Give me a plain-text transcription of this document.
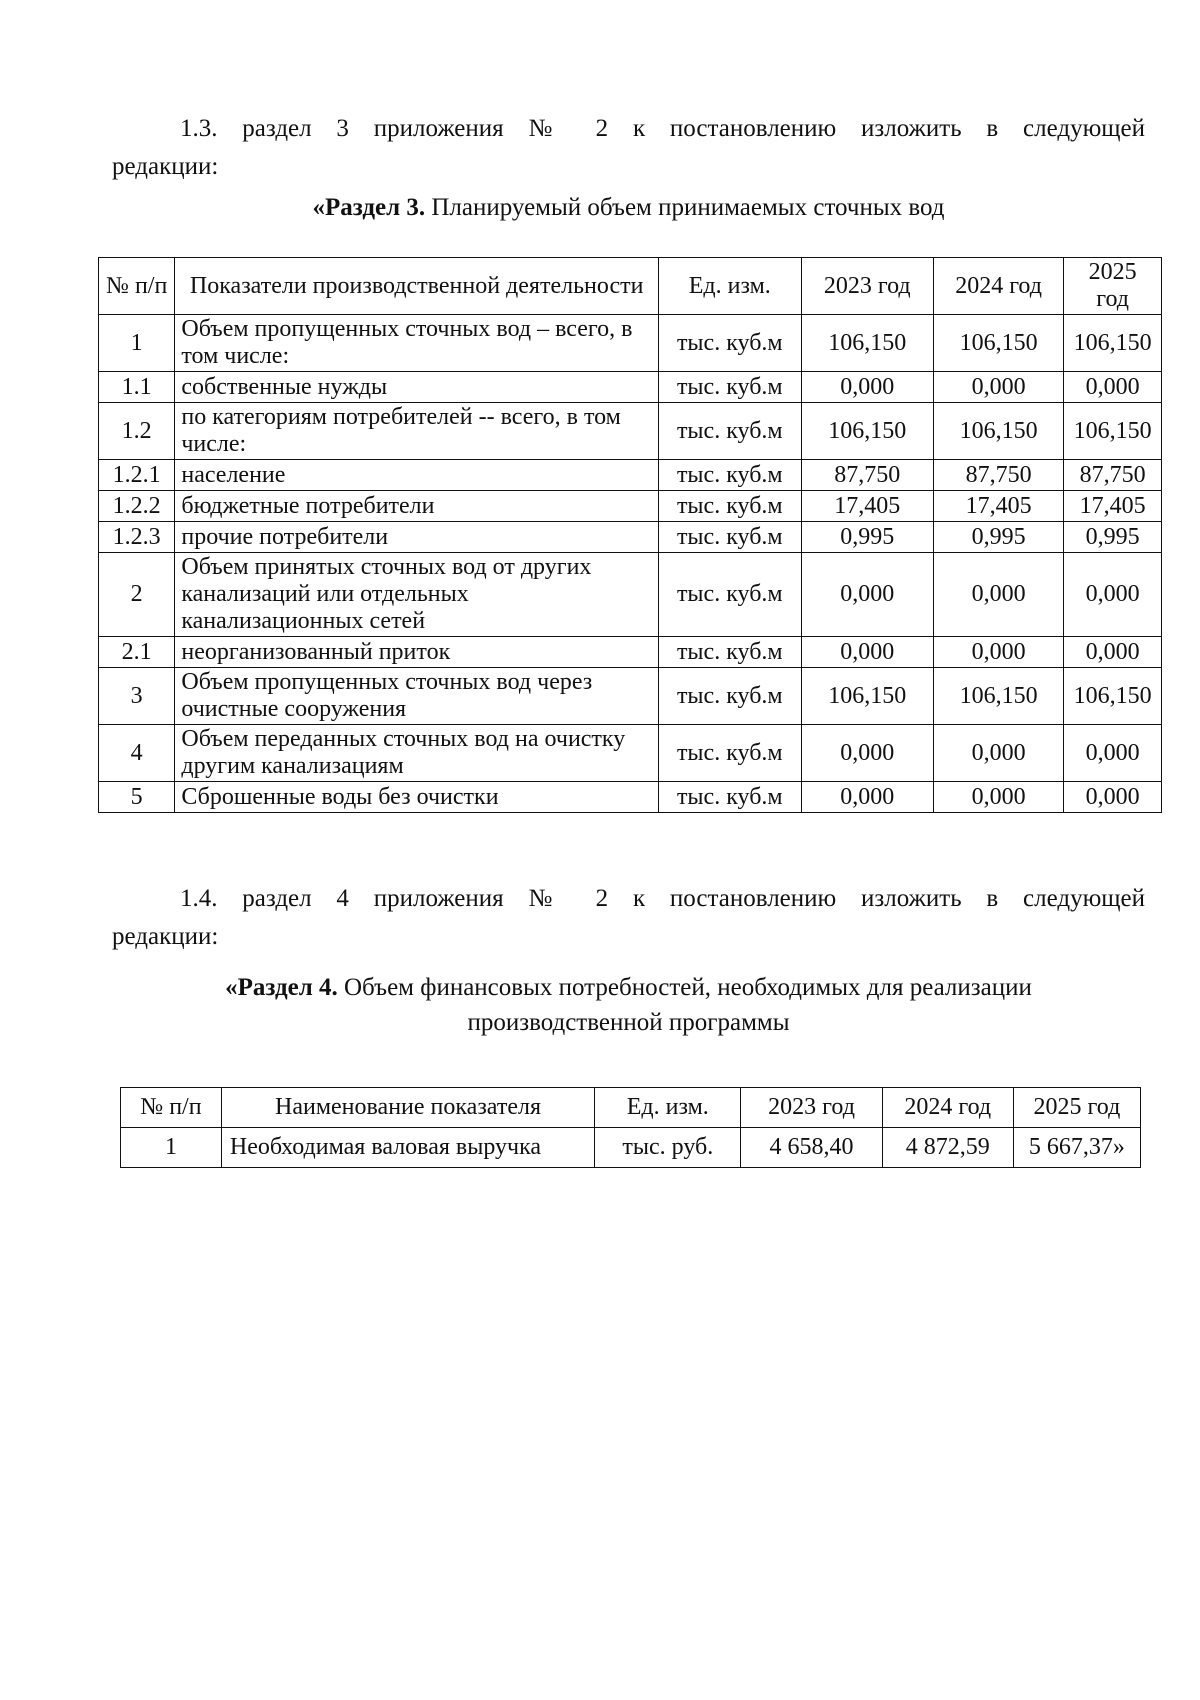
1.3. раздел 3 приложения № 2 к постановлению изложить в следующей
редакции:
«Раздел 3. Планируемый объем принимаемых сточных вод
№ п/п	Показатели производственной деятельности	Ед. изм.	2023 год	2024 год	2025 год
1	Объем пропущенных сточных вод – всего, в том числе:	тыс. куб.м	106,150	106,150	106,150
1.1	собственные нужды	тыс. куб.м	0,000	0,000	0,000
1.2	по категориям потребителей -- всего, в том числе:	тыс. куб.м	106,150	106,150	106,150
1.2.1	население	тыс. куб.м	87,750	87,750	87,750
1.2.2	бюджетные потребители	тыс. куб.м	17,405	17,405	17,405
1.2.3	прочие потребители	тыс. куб.м	0,995	0,995	0,995
2	Объем принятых сточных вод от других канализаций или отдельных канализационных сетей	тыс. куб.м	0,000	0,000	0,000
2.1	неорганизованный приток	тыс. куб.м	0,000	0,000	0,000
3	Объем пропущенных сточных вод через очистные сооружения	тыс. куб.м	106,150	106,150	106,150
4	Объем переданных сточных вод на очистку другим канализациям	тыс. куб.м	0,000	0,000	0,000
5	Сброшенные воды без очистки	тыс. куб.м	0,000	0,000	0,000
1.4. раздел 4 приложения № 2 к постановлению изложить в следующей
редакции:
«Раздел 4. Объем финансовых потребностей, необходимых для реализации
производственной программы
№ п/п	Наименование показателя	Ед. изм.	2023 год	2024 год	2025 год
1	Необходимая валовая выручка	тыс. руб.	4 658,40	4 872,59	5 667,37»
